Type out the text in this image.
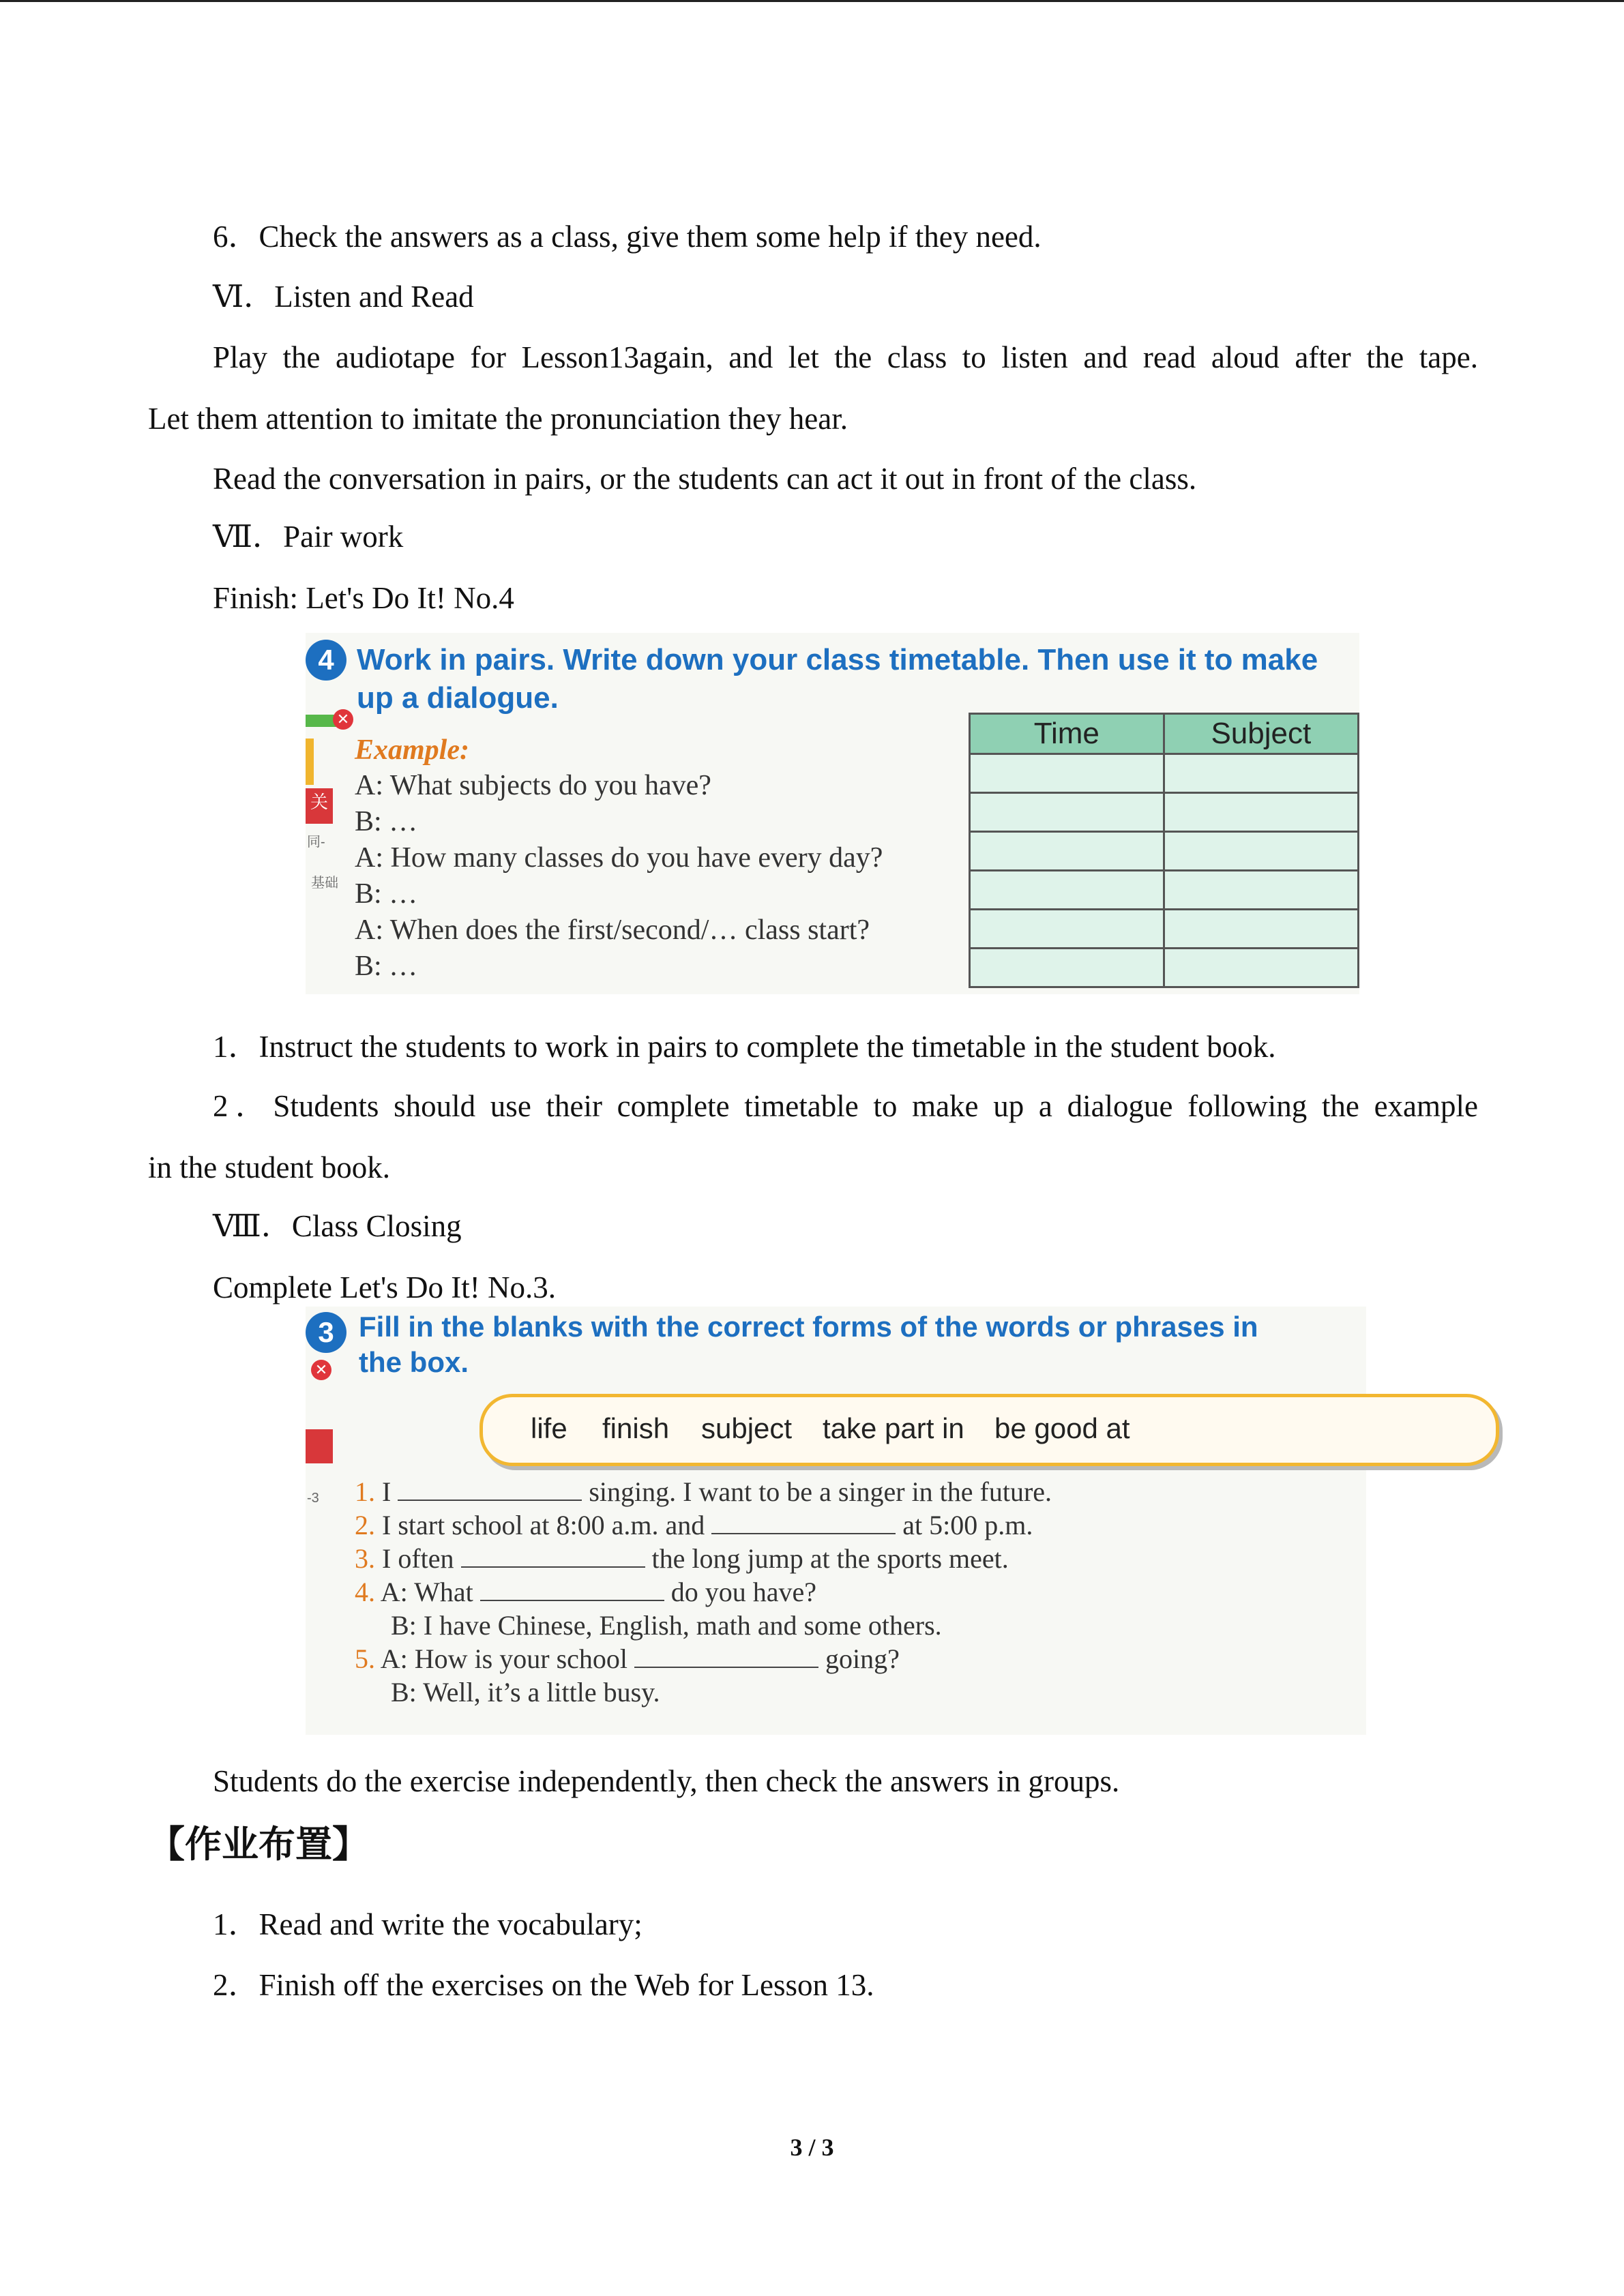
6．Check the answers as a class, give them some help if they need.
Ⅵ．Listen and Read
Play the audiotape for Lesson13again, and let the class to listen and read aloud after the tape.
Let them attention to imitate the pronunciation they hear.
Read the conversation in pairs, or the students can act it out in front of the class.
Ⅶ．Pair work
Finish: Let's Do It! No.4
4 Work in pairs. Write down your class timetable. Then use it to make
up a dialogue.
✕
关
同-
基础
Example:
A: What subjects do you have?
B: …
A: How many classes do you have every day?
B: …
A: When does the first/second/… class start?
B: …
Time	Subject

1．Instruct the students to work in pairs to complete the timetable in the student book.
2．Students should use their complete timetable to make up a dialogue following the example
in the student book.
Ⅷ．Class Closing
Complete Let's Do It! No.3.
3 Fill in the blanks with the correct forms of the words or phrases in
the box.
✕
-3
life finish subject take part in be good at
1. I	singing. I want to be a singer in the future.
2. I start school at 8:00 a.m. and	at 5:00 p.m.
3. I often	the long jump at the sports meet.
4. A: What	do you have?
B: I have Chinese, English, math and some others.
5. A: How is your school	going?
B: Well, it’s a little busy.
Students do the exercise independently, then check the answers in groups.
【作业布置】
1．Read and write the vocabulary;
2．Finish off the exercises on the Web for Lesson 13.
3 / 3
